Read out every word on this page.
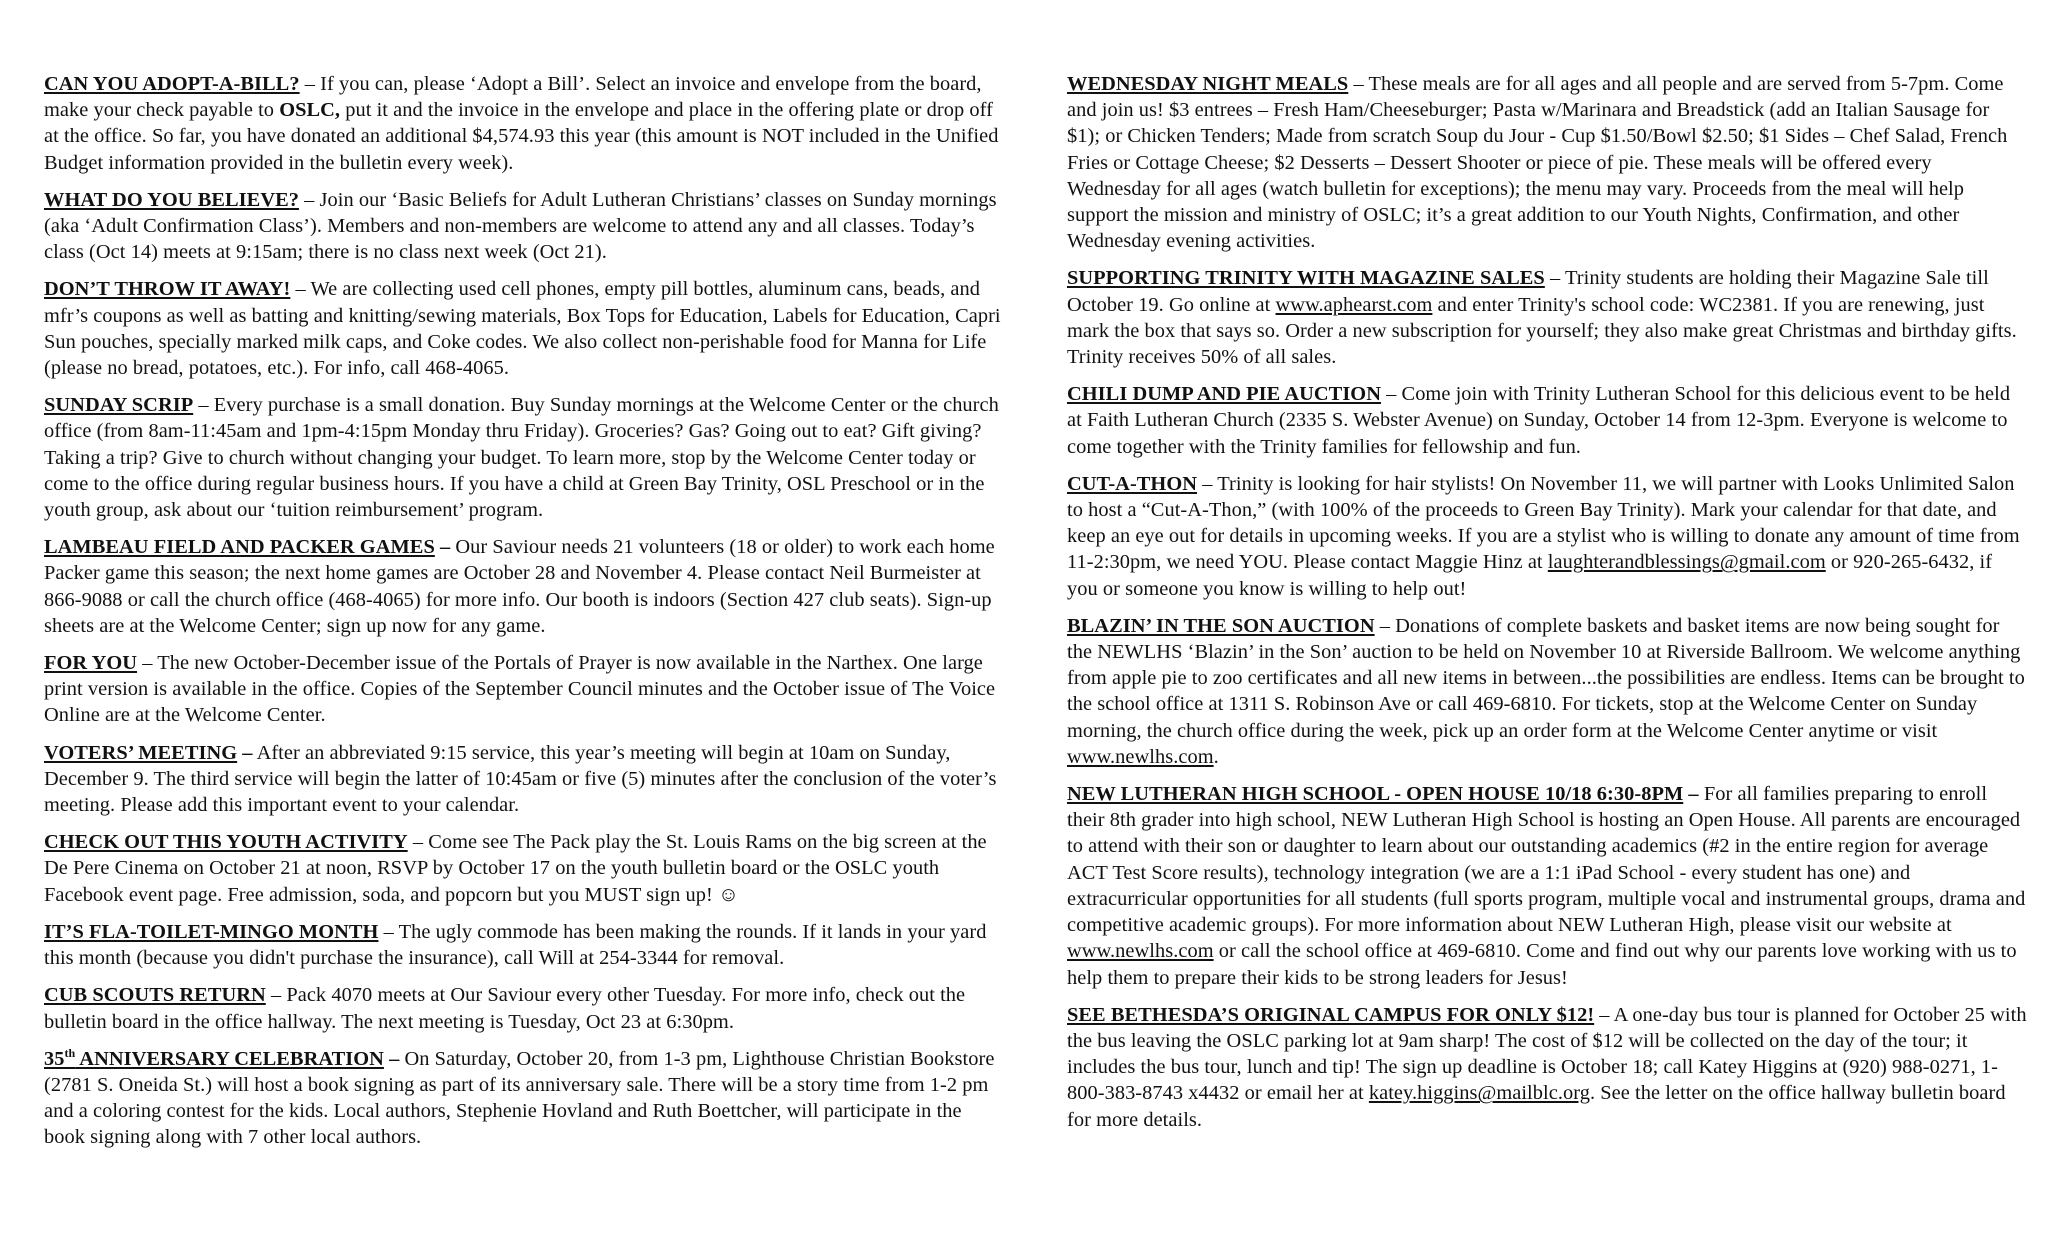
CAN YOU ADOPT-A-BILL? – If you can, please ‘Adopt a Bill’. Select an invoice and envelope from the board, make your check payable to OSLC, put it and the invoice in the envelope and place in the offering plate or drop off at the office. So far, you have donated an additional $4,574.93 this year (this amount is NOT included in the Unified Budget information provided in the bulletin every week).

WHAT DO YOU BELIEVE? – Join our ‘Basic Beliefs for Adult Lutheran Christians’ classes on Sunday mornings (aka ‘Adult Confirmation Class’). Members and non-members are welcome to attend any and all classes. Today’s class (Oct 14) meets at 9:15am; there is no class next week (Oct 21).

DON’T THROW IT AWAY! – We are collecting used cell phones, empty pill bottles, aluminum cans, beads, and mfr’s coupons as well as batting and knitting/sewing materials, Box Tops for Education, Labels for Education, Capri Sun pouches, specially marked milk caps, and Coke codes. We also collect non-perishable food for Manna for Life (please no bread, potatoes, etc.). For info, call 468-4065.

SUNDAY SCRIP – Every purchase is a small donation. Buy Sunday mornings at the Welcome Center or the church office (from 8am-11:45am and 1pm-4:15pm Monday thru Friday). Groceries? Gas? Going out to eat? Gift giving? Taking a trip? Give to church without changing your budget. To learn more, stop by the Welcome Center today or come to the office during regular business hours. If you have a child at Green Bay Trinity, OSL Preschool or in the youth group, ask about our ‘tuition reimbursement’ program.

LAMBEAU FIELD AND PACKER GAMES – Our Saviour needs 21 volunteers (18 or older) to work each home Packer game this season; the next home games are October 28 and November 4. Please contact Neil Burmeister at 866-9088 or call the church office (468-4065) for more info. Our booth is indoors (Section 427 club seats). Sign-up sheets are at the Welcome Center; sign up now for any game.

FOR YOU – The new October-December issue of the Portals of Prayer is now available in the Narthex. One large print version is available in the office. Copies of the September Council minutes and the October issue of The Voice Online are at the Welcome Center.

VOTERS’ MEETING – After an abbreviated 9:15 service, this year’s meeting will begin at 10am on Sunday, December 9. The third service will begin the latter of 10:45am or five (5) minutes after the conclusion of the voter’s meeting. Please add this important event to your calendar.

CHECK OUT THIS YOUTH ACTIVITY – Come see The Pack play the St. Louis Rams on the big screen at the De Pere Cinema on October 21 at noon, RSVP by October 17 on the youth bulletin board or the OSLC youth Facebook event page. Free admission, soda, and popcorn but you MUST sign up! ☺

IT’S FLA-TOILET-MINGO MONTH – The ugly commode has been making the rounds. If it lands in your yard this month (because you didn't purchase the insurance), call Will at 254-3344 for removal.

CUB SCOUTS RETURN – Pack 4070 meets at Our Saviour every other Tuesday. For more info, check out the bulletin board in the office hallway. The next meeting is Tuesday, Oct 23 at 6:30pm.

35th ANNIVERSARY CELEBRATION – On Saturday, October 20, from 1-3 pm, Lighthouse Christian Bookstore (2781 S. Oneida St.) will host a book signing as part of its anniversary sale. There will be a story time from 1-2 pm and a coloring contest for the kids. Local authors, Stephenie Hovland and Ruth Boettcher, will participate in the book signing along with 7 other local authors.

WEDNESDAY NIGHT MEALS – These meals are for all ages and all people and are served from 5-7pm. Come and join us! $3 entrees – Fresh Ham/Cheeseburger; Pasta w/Marinara and Breadstick (add an Italian Sausage for $1); or Chicken Tenders; Made from scratch Soup du Jour - Cup $1.50/Bowl $2.50; $1 Sides – Chef Salad, French Fries or Cottage Cheese; $2 Desserts – Dessert Shooter or piece of pie. These meals will be offered every Wednesday for all ages (watch bulletin for exceptions); the menu may vary. Proceeds from the meal will help support the mission and ministry of OSLC; it’s a great addition to our Youth Nights, Confirmation, and other Wednesday evening activities.

SUPPORTING TRINITY WITH MAGAZINE SALES – Trinity students are holding their Magazine Sale till October 19. Go online at www.aphearst.com and enter Trinity's school code: WC2381. If you are renewing, just mark the box that says so. Order a new subscription for yourself; they also make great Christmas and birthday gifts. Trinity receives 50% of all sales.

CHILI DUMP AND PIE AUCTION – Come join with Trinity Lutheran School for this delicious event to be held at Faith Lutheran Church (2335 S. Webster Avenue) on Sunday, October 14 from 12-3pm. Everyone is welcome to come together with the Trinity families for fellowship and fun.

CUT-A-THON – Trinity is looking for hair stylists! On November 11, we will partner with Looks Unlimited Salon to host a “Cut-A-Thon,” (with 100% of the proceeds to Green Bay Trinity). Mark your calendar for that date, and keep an eye out for details in upcoming weeks. If you are a stylist who is willing to donate any amount of time from 11-2:30pm, we need YOU. Please contact Maggie Hinz at laughterandblessings@gmail.com or 920-265-6432, if you or someone you know is willing to help out!

BLAZIN’ IN THE SON AUCTION – Donations of complete baskets and basket items are now being sought for the NEWLHS ‘Blazin’ in the Son’ auction to be held on November 10 at Riverside Ballroom. We welcome anything from apple pie to zoo certificates and all new items in between...the possibilities are endless. Items can be brought to the school office at 1311 S. Robinson Ave or call 469-6810. For tickets, stop at the Welcome Center on Sunday morning, the church office during the week, pick up an order form at the Welcome Center anytime or visit www.newlhs.com.

NEW LUTHERAN HIGH SCHOOL - OPEN HOUSE 10/18 6:30-8PM – For all families preparing to enroll their 8th grader into high school, NEW Lutheran High School is hosting an Open House. All parents are encouraged to attend with their son or daughter to learn about our outstanding academics (#2 in the entire region for average ACT Test Score results), technology integration (we are a 1:1 iPad School - every student has one) and extracurricular opportunities for all students (full sports program, multiple vocal and instrumental groups, drama and competitive academic groups). For more information about NEW Lutheran High, please visit our website at www.newlhs.com or call the school office at 469-6810. Come and find out why our parents love working with us to help them to prepare their kids to be strong leaders for Jesus!

SEE BETHESDA’S ORIGINAL CAMPUS FOR ONLY $12! – A one-day bus tour is planned for October 25 with the bus leaving the OSLC parking lot at 9am sharp! The cost of $12 will be collected on the day of the tour; it includes the bus tour, lunch and tip! The sign up deadline is October 18; call Katey Higgins at (920) 988-0271, 1-800-383-8743 x4432 or email her at katey.higgins@mailblc.org. See the letter on the office hallway bulletin board for more details.
